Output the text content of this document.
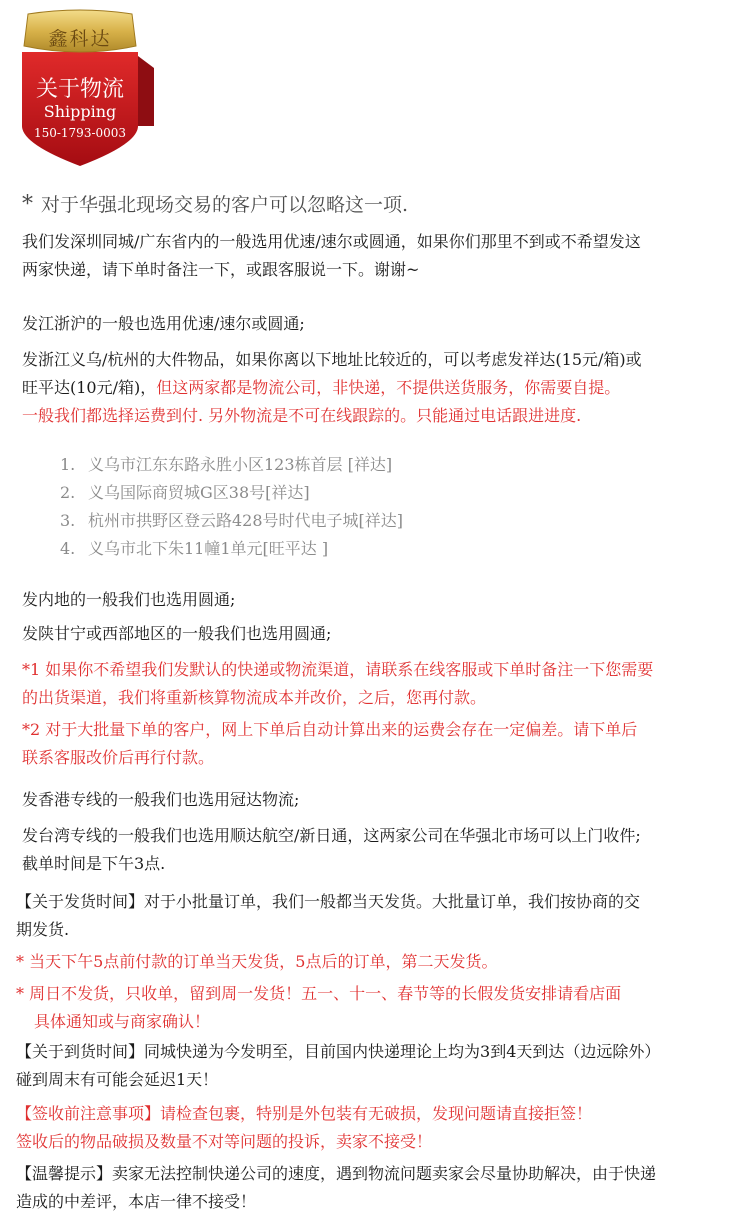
鑫科达
关于物流
Shipping
150-1793-0003
* 对于华强北现场交易的客户可以忽略这一项.

我们发深圳同城/广东省内的一般选用优速/速尔或圆通，如果你们那里不到或不希望发这

两家快递，请下单时备注一下，或跟客服说一下。谢谢~

发江浙沪的一般也选用优速/速尔或圆通;

发浙江义乌/杭州的大件物品，如果你离以下地址比较近的，可以考虑发祥达(15元/箱)或

旺平达(10元/箱)，但这两家都是物流公司，非快递，不提供送货服务，你需要自提。

一般我们都选择运费到付. 另外物流是不可在线跟踪的。只能通过电话跟进进度.

1. 义乌市江东东路永胜小区123栋首层 [祥达]

2. 义乌国际商贸城G区38号[祥达]

3. 杭州市拱野区登云路428号时代电子城[祥达]

4. 义乌市北下朱11幢1单元[旺平达 ]

发内地的一般我们也选用圆通;

发陕甘宁或西部地区的一般我们也选用圆通;

*1 如果你不希望我们发默认的快递或物流渠道，请联系在线客服或下单时备注一下您需要

的出货渠道，我们将重新核算物流成本并改价，之后，您再付款。

*2 对于大批量下单的客户，网上下单后自动计算出来的运费会存在一定偏差。请下单后

联系客服改价后再行付款。

发香港专线的一般我们也选用冠达物流;

发台湾专线的一般我们也选用顺达航空/新日通，这两家公司在华强北市场可以上门收件;

截单时间是下午3点.

【关于发货时间】对于小批量订单，我们一般都当天发货。大批量订单，我们按协商的交

期发货.

* 当天下午5点前付款的订单当天发货，5点后的订单，第二天发货。

* 周日不发货，只收单，留到周一发货！五一、十一、春节等的长假发货安排请看店面

具体通知或与商家确认！

【关于到货时间】同城快递为今发明至，目前国内快递理论上均为3到4天到达（边远除外）

碰到周末有可能会延迟1天！

【签收前注意事项】请检查包裹，特别是外包装有无破损，发现问题请直接拒签！

签收后的物品破损及数量不对等问题的投诉，卖家不接受！

【温馨提示】卖家无法控制快递公司的速度，遇到物流问题卖家会尽量协助解决，由于快递

造成的中差评，本店一律不接受！
